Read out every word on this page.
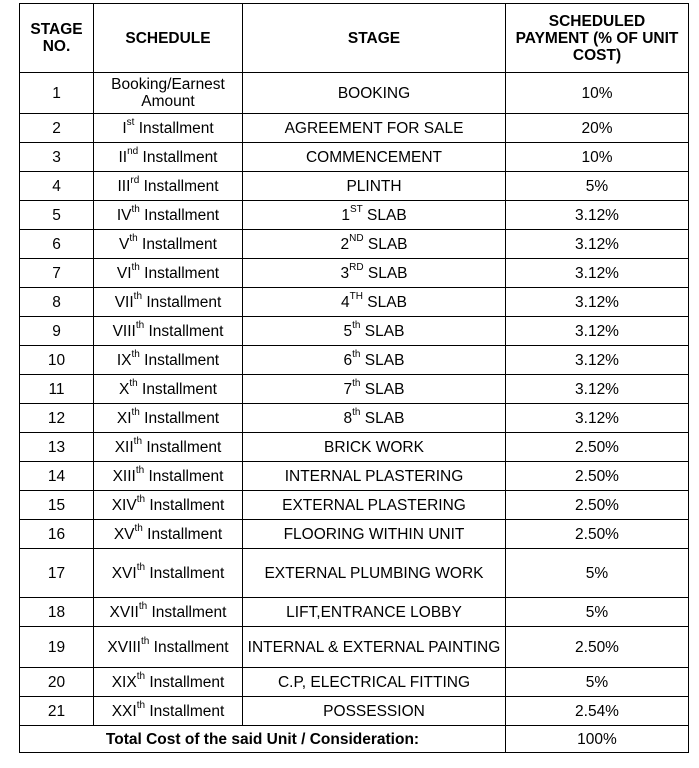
STAGE NO.	SCHEDULE	STAGE	SCHEDULED PAYMENT (% OF UNIT COST)
1	Booking/Earnest Amount	BOOKING	10%
2	Ist Installment	AGREEMENT FOR SALE	20%
3	IInd Installment	COMMENCEMENT	10%
4	IIIrd Installment	PLINTH	5%
5	IVth Installment	1ST SLAB	3.12%
6	Vth Installment	2ND SLAB	3.12%
7	VIth Installment	3RD SLAB	3.12%
8	VIIth Installment	4TH SLAB	3.12%
9	VIIIth Installment	5th SLAB	3.12%
10	IXth Installment	6th SLAB	3.12%
11	Xth Installment	7th SLAB	3.12%
12	XIth Installment	8th SLAB	3.12%
13	XIIth Installment	BRICK WORK	2.50%
14	XIIIth Installment	INTERNAL PLASTERING	2.50%
15	XIVth Installment	EXTERNAL PLASTERING	2.50%
16	XVth Installment	FLOORING WITHIN UNIT	2.50%
17	XVIth Installment	EXTERNAL PLUMBING WORK	5%
18	XVIIth Installment	LIFT,ENTRANCE LOBBY	5%
19	XVIIIth Installment	INTERNAL & EXTERNAL PAINTING	2.50%
20	XIXth Installment	C.P, ELECTRICAL FITTING	5%
21	XXIth Installment	POSSESSION	2.54%
Total Cost of the said Unit / Consideration:			100%
